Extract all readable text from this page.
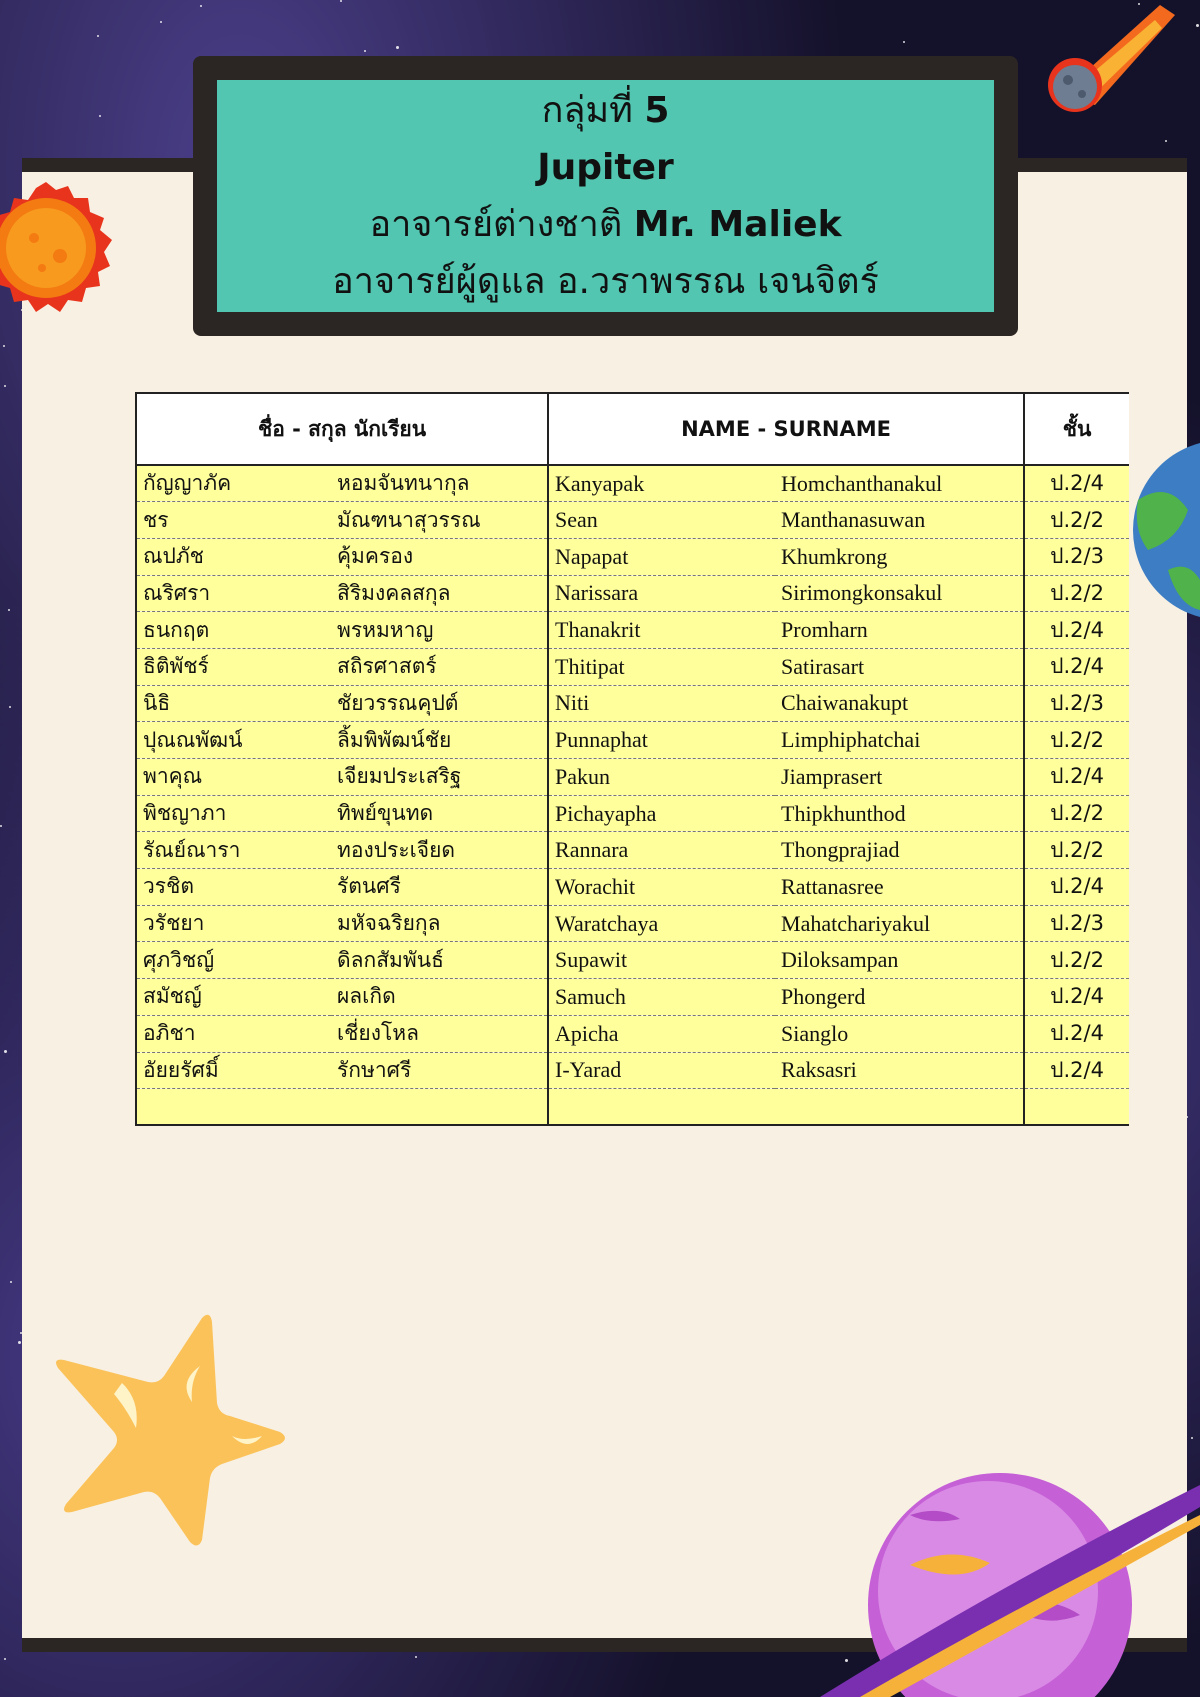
กลุ่มที่ 5
Jupiter
อาจารย์ต่างชาติ Mr. Maliek
อาจารย์ผู้ดูแล อ.วราพรรณ เจนจิตร์
ชื่อ - สกุล นักเรียน		NAME - SURNAME		ชั้น
กัญญาภัค	หอมจันทนากุล	Kanyapak	Homchanthanakul	ป.2/4
ชร	มัณฑนาสุวรรณ	Sean	Manthanasuwan	ป.2/2
ณปภัช	คุ้มครอง	Napapat	Khumkrong	ป.2/3
ณริศรา	สิริมงคลสกุล	Narissara	Sirimongkonsakul	ป.2/2
ธนกฤต	พรหมหาญ	Thanakrit	Promharn	ป.2/4
ธิติพัชร์	สถิรศาสตร์	Thitipat	Satirasart	ป.2/4
นิธิ	ชัยวรรณคุปต์	Niti	Chaiwanakupt	ป.2/3
ปุณณพัฒน์	ลิ้มพิพัฒน์ชัย	Punnaphat	Limphiphatchai	ป.2/2
พาคุณ	เจียมประเสริฐ	Pakun	Jiamprasert	ป.2/4
พิชญาภา	ทิพย์ขุนทด	Pichayapha	Thipkhunthod	ป.2/2
รัณย์ณารา	ทองประเจียด	Rannara	Thongprajiad	ป.2/2
วรชิต	รัตนศรี	Worachit	Rattanasree	ป.2/4
วรัชยา	มหัจฉริยกุล	Waratchaya	Mahatchariyakul	ป.2/3
ศุภวิชญ์	ดิลกสัมพันธ์	Supawit	Diloksampan	ป.2/2
สมัชญ์	ผลเกิด	Samuch	Phongerd	ป.2/4
อภิชา	เชี่ยงโหล	Apicha	Sianglo	ป.2/4
อัยยรัศมิ์	รักษาศรี	I-Yarad	Raksasri	ป.2/4
